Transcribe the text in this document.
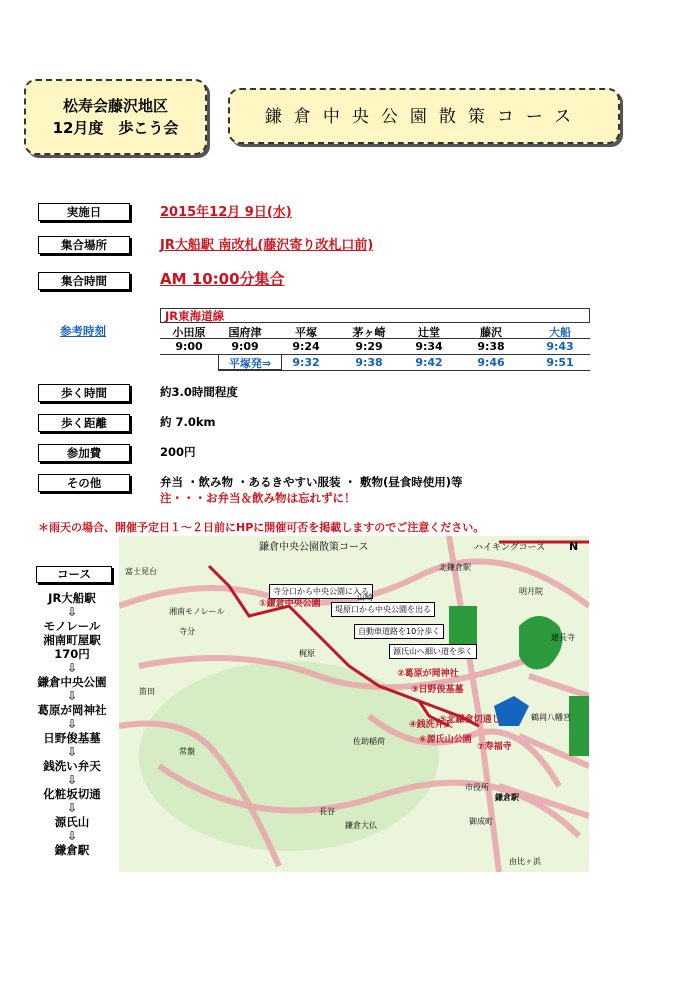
松寿会藤沢地区
12月度　歩こう会
鎌倉中央公園散策コース
実施日	2015年12月 9日(水)
集合場所	JR大船駅 南改札(藤沢寄り改札口前)
集合時間	AM 10:00分集合
参考時刻
JR東海道線
小田原	国府津	平塚	茅ヶ崎	辻堂	藤沢	大船
9:00	9:09	9:24	9:29	9:34	9:38	9:43
平塚発⇒	9:32	9:38	9:42	9:46	9:51
歩く時間	約3.0時間程度
歩く距離	約 7.0km
参加費	200円
その他	弁当 ・飲み物 ・あるきやすい服装 ・ 敷物(昼食時使用)等
注・・・お弁当＆飲み物は忘れずに！
＊雨天の場合、開催予定日１～２日前にHPに開催可否を掲載しますのでご注意ください。
コース
JR大船駅
⇩
モノレール
湘南町屋駅
170円
⇩
鎌倉中央公園
⇩
葛原が岡神社
⇩
日野俊基墓
⇩
銭洗い弁天
⇩
化粧坂切通
⇩
源氏山
⇩
鎌倉駅
鎌倉中央公園散策コース	ハイキングコース
寺分口から中央公園に入る
堤原口から中央公園を出る
自動車道路を10分歩く
源氏山へ細い道を歩く
①鎌倉中央公園
②葛原が岡神社
③日野俊基墓
④銭洗弁天
⑤北鎌倉切通し
⑥源氏山公園
⑦寿福寺
富士見台
湘南モノレール
寺分
笛田
梶原
山崎
北鎌倉駅
明月院
建長寺
鶴岡八幡宮
鎌倉駅
佐助稲荷
御成町
長谷
常盤
鎌倉大仏
市役所
由比ヶ浜
N
